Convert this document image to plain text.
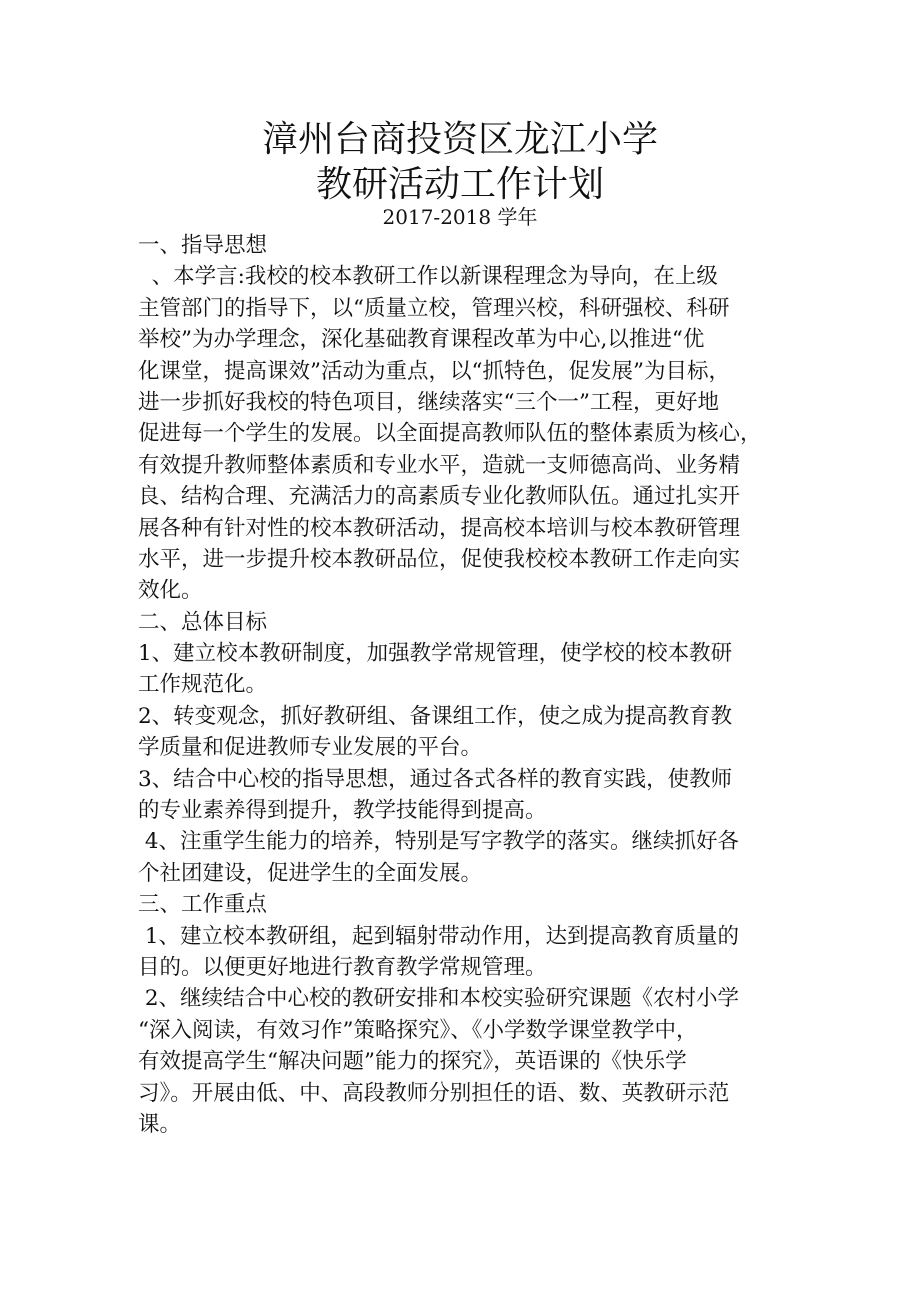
漳州台商投资区龙江小学
教研活动工作计划
2017-2018 学年
一、指导思想
、本学言:我校的校本教研工作以新课程理念为导向，在上级
主管部门的指导下，以“质量立校，管理兴校，科研强校、科研
举校”为办学理念，深化基础教育课程改革为中心,以推进“优
化课堂，提高课效”活动为重点，以“抓特色，促发展”为目标，
进一步抓好我校的特色项目，继续落实“三个一”工程，更好地
促进每一个学生的发展。以全面提高教师队伍的整体素质为核心，
有效提升教师整体素质和专业水平，造就一支师德高尚、业务精
良、结构合理、充满活力的高素质专业化教师队伍。通过扎实开
展各种有针对性的校本教研活动，提高校本培训与校本教研管理
水平，进一步提升校本教研品位，促使我校校本教研工作走向实
效化。
二、总体目标
1、建立校本教研制度，加强教学常规管理，使学校的校本教研
工作规范化。
2、转变观念，抓好教研组、备课组工作，使之成为提高教育教
学质量和促进教师专业发展的平台。
3、结合中心校的指导思想，通过各式各样的教育实践，使教师
的专业素养得到提升，教学技能得到提高。
4、注重学生能力的培养，特别是写字教学的落实。继续抓好各
个社团建设，促进学生的全面发展。
三、工作重点
1、建立校本教研组，起到辐射带动作用，达到提高教育质量的
目的。以便更好地进行教育教学常规管理。
2、继续结合中心校的教研安排和本校实验研究课题《农村小学
“深入阅读，有效习作”策略探究》、《小学数学课堂教学中，
有效提高学生“解决问题”能力的探究》，英语课的《快乐学
习》。开展由低、中、高段教师分别担任的语、数、英教研示范
课。
